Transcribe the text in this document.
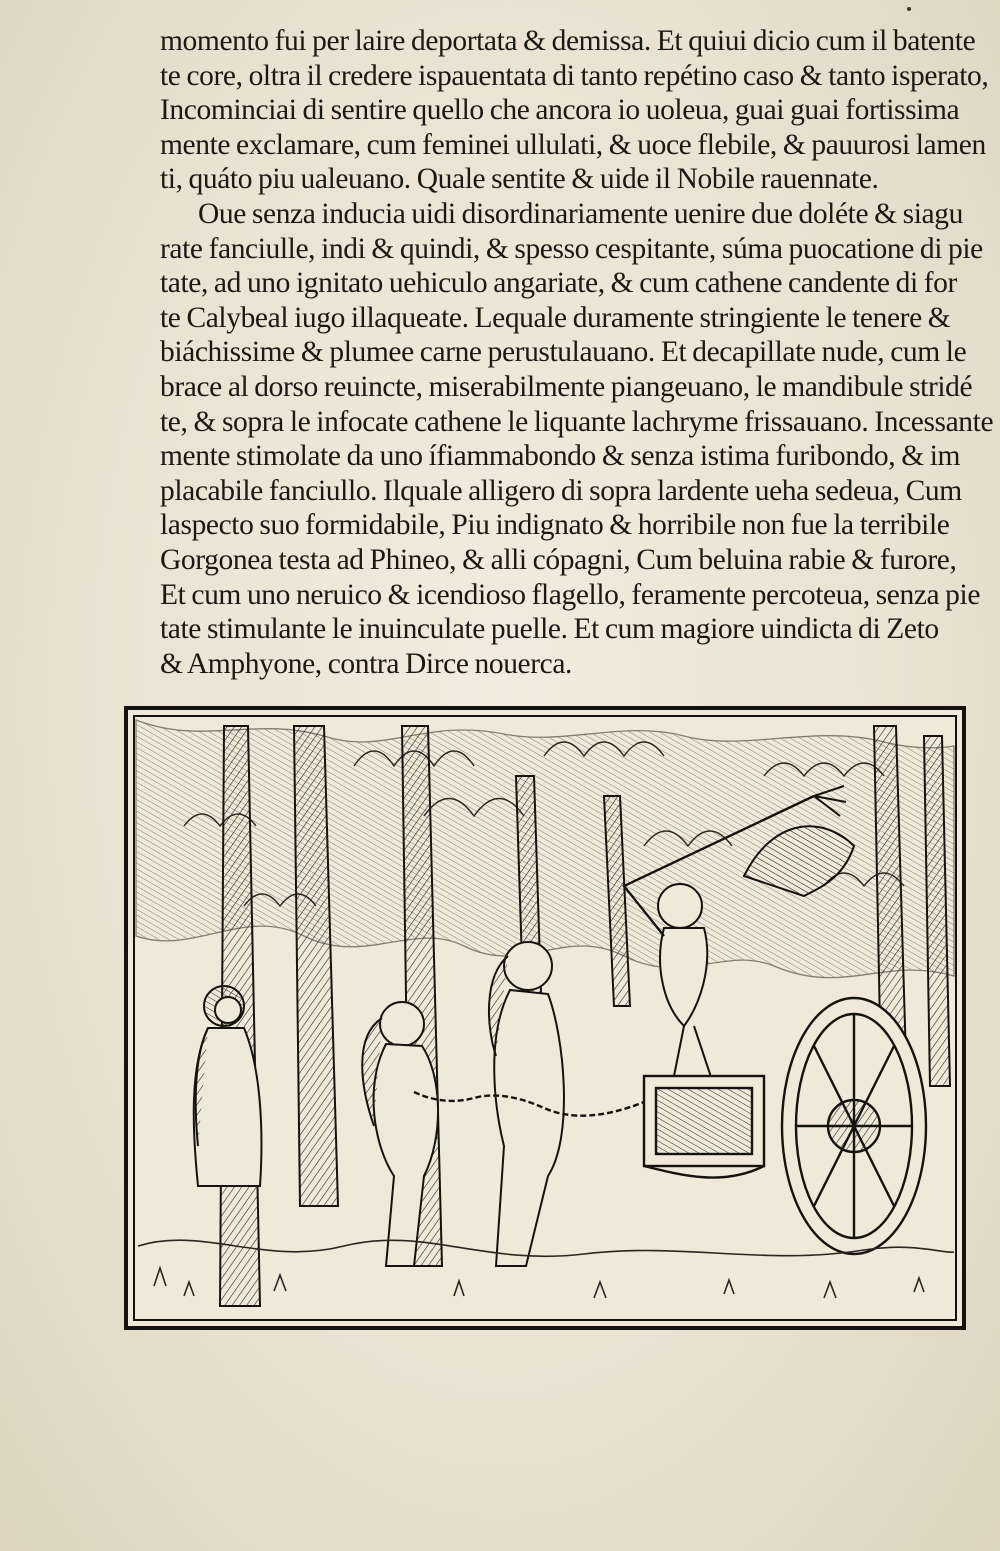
momento fui per laire deportata & demissa. Et quiui dicio cum il batente
te core, oltra il credere ispauentata di tanto repétino caso & tanto isperato,
Incominciai di sentire quello che ancora io uoleua, guai guai fortissima
mente exclamare, cum feminei ullulati, & uoce flebile, & pauurosi lamen
ti, quáto piu ualeuano. Quale sentite & uide il Nobile rauennate.
Oue senza inducia uidi disordinariamente uenire due doléte & siagu
rate fanciulle, indi & quindi, & spesso cespitante, súma puocatione di pie
tate, ad uno ignitato uehiculo angariate, & cum cathene candente di for
te Calybeal iugo illaqueate. Lequale duramente stringiente le tenere &
biáchissime & plumee carne perustulauano. Et decapillate nude, cum le
brace al dorso reuincte, miserabilmente piangeuano, le mandibule stridé
te, & sopra le infocate cathene le liquante lachryme frissauano. Incessante
mente stimolate da uno ífiammabondo & senza istima furibondo, & im
placabile fanciullo. Ilquale alligero di sopra lardente ueha sedeua, Cum
laspecto suo formidabile, Piu indignato & horribile non fue la terribile
Gorgonea testa ad Phineo, & alli cópagni, Cum beluina rabie & furore,
Et cum uno neruico & icendioso flagello, feramente percoteua, senza pie
tate stimulante le inuinculate puelle. Et cum magiore uindicta di Zeto
& Amphyone, contra Dirce nouerca.
